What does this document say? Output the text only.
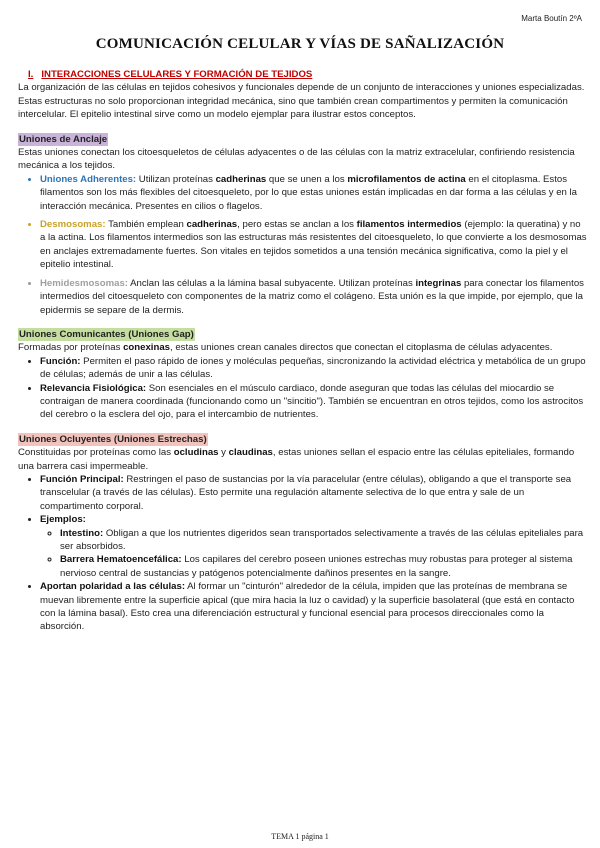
Marta Boutín 2ºA
COMUNICACIÓN CELULAR Y VÍAS DE SAÑALIZACIÓN
I. INTERACCIONES CELULARES Y FORMACIÓN DE TEJIDOS

La organización de las células en tejidos cohesivos y funcionales depende de un conjunto de interacciones y uniones especializadas. Estas estructuras no solo proporcionan integridad mecánica, sino que también crean compartimentos y permiten la comunicación intercelular. El epitelio intestinal sirve como un modelo ejemplar para ilustrar estos conceptos.

Uniones de Anclaje

Estas uniones conectan los citoesqueletos de células adyacentes o de las células con la matriz extracelular, confiriendo resistencia mecánica a los tejidos.

• Uniones Adherentes: Utilizan proteínas cadherinas que se unen a los microfilamentos de actina en el citoplasma. Estos filamentos son los más flexibles del citoesqueleto, por lo que estas uniones están implicadas en dar forma a las células y en la interacción mecánica. Presentes en cilios o flagelos.
• Desmosomas: También emplean cadherinas, pero estas se anclan a los filamentos intermedios (ejemplo: la queratina) y no a la actina. Los filamentos intermedios son las estructuras más resistentes del citoesqueleto, lo que convierte a los desmosomas en anclajes extremadamente fuertes. Son vitales en tejidos sometidos a una tensión mecánica significativa, como la piel y el epitelio intestinal.
• Hemidesmosomas: Anclan las células a la lámina basal subyacente. Utilizan proteínas integrinas para conectar los filamentos intermedios del citoesqueleto con componentes de la matriz como el colágeno. Esta unión es la que impide, por ejemplo, que la epidermis se separe de la dermis.
Uniones Comunicantes (Uniones Gap)

Formadas por proteínas conexinas, estas uniones crean canales directos que conectan el citoplasma de células adyacentes.

• Función: Permiten el paso rápido de iones y moléculas pequeñas, sincronizando la actividad eléctrica y metabólica de un grupo de células; además de unir a las células.
• Relevancia Fisiológica: Son esenciales en el músculo cardiaco, donde aseguran que todas las células del miocardio se contraigan de manera coordinada (funcionando como un "sincitio"). También se encuentran en otros tejidos, como los astrocitos del cerebro o la esclera del ojo, para el intercambio de nutrientes.
Uniones Ocluyentes (Uniones Estrechas)

Constituidas por proteínas como las ocludinas y claudinas, estas uniones sellan el espacio entre las células epiteliales, formando una barrera casi impermeable.

• Función Principal: Restringen el paso de sustancias por la vía paracelular (entre células), obligando a que el transporte sea transcelular (a través de las células). Esto permite una regulación altamente selectiva de lo que entra y sale de un compartimento corporal.
• Ejemplos:
◦ Intestino: Obligan a que los nutrientes digeridos sean transportados selectivamente a través de las células epiteliales para ser absorbidos.
◦ Barrera Hematoencefálica: Los capilares del cerebro poseen uniones estrechas muy robustas para proteger al sistema nervioso central de sustancias y patógenos potencialmente dañinos presentes en la sangre.
• Aportan polaridad a las células: Al formar un "cinturón" alrededor de la célula, impiden que las proteínas de membrana se muevan libremente entre la superficie apical (que mira hacia la luz o cavidad) y la superficie basolateral (que está en contacto con la lámina basal). Esto crea una diferenciación estructural y funcional esencial para procesos direccionales como la absorción.
TEMA 1 página 1
